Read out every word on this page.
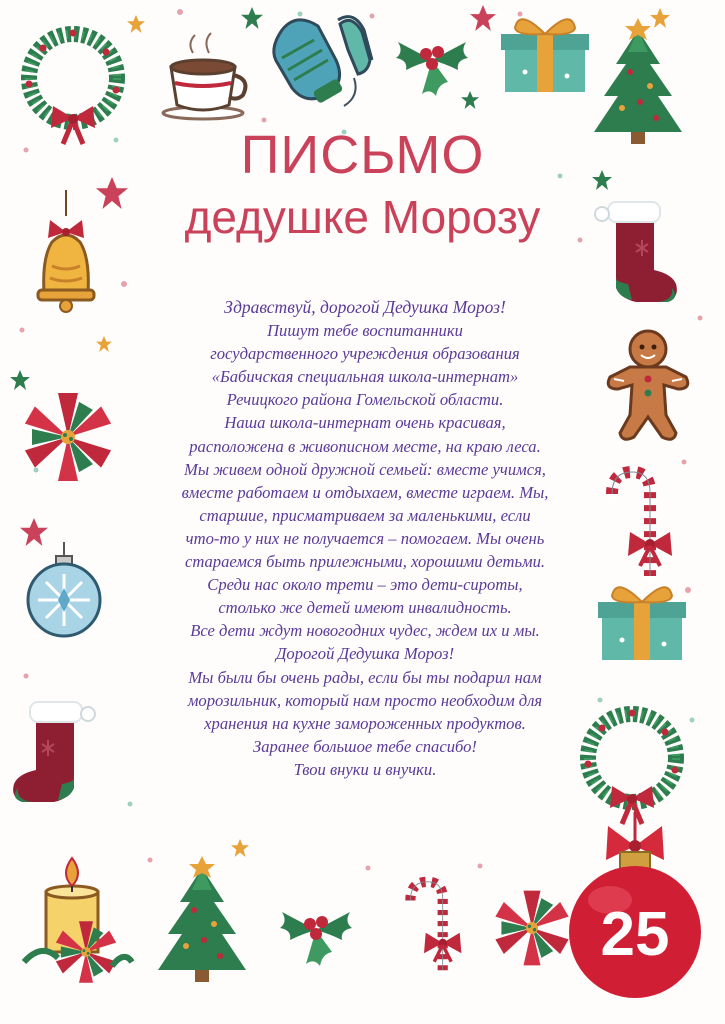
ПИСЬМО
дедушке Морозу
Здравствуй, дорогой Дедушка Мороз!
Пишут тебе воспитанники
государственного учреждения образования
«Бабичская специальная школа-интернат»
Речицкого района Гомельской области.
Наша школа-интернат очень красивая,
расположена в живописном месте, на краю леса.
Мы живем одной дружной семьей: вместе учимся,
вместе работаем и отдыхаем, вместе играем. Мы,
старшие, присматриваем за маленькими, если
что-то у них не получается – помогаем. Мы очень
стараемся быть прилежными, хорошими детьми.
Среди нас около трети – это дети-сироты,
столько же детей имеют инвалидность.
Все дети ждут новогодних чудес, ждем их и мы.
Дорогой Дедушка Мороз!
Мы были бы очень рады, если бы ты подарил нам
морозильник, который нам просто необходим для
хранения на кухне замороженных продуктов.
Заранее большое тебе спасибо!
Твои внуки и внучки.
25
